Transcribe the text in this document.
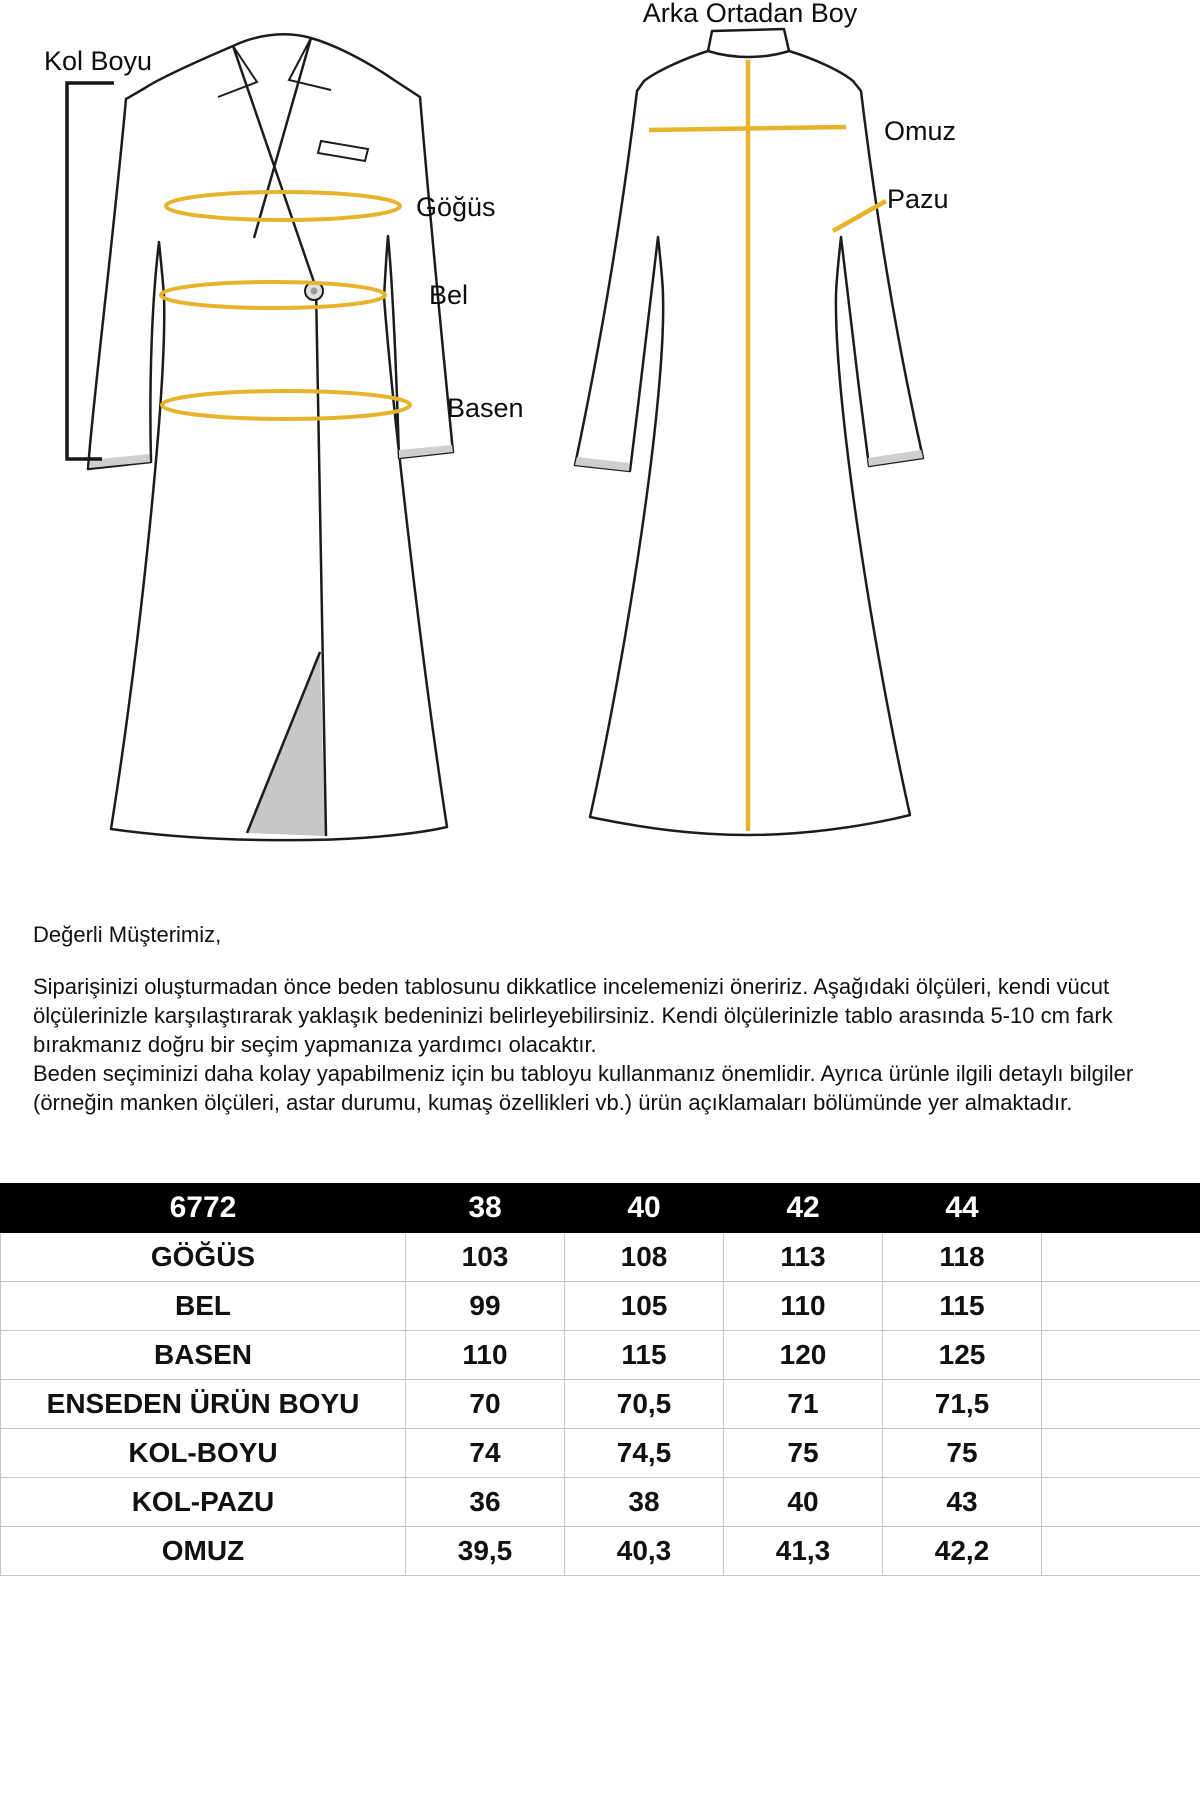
Kol Boyu
Arka Ortadan Boy
Omuz
Pazu
Göğüs
Bel
Basen

Değerli Müşterimiz,

Siparişinizi oluşturmadan önce beden tablosunu dikkatlice incelemenizi öneririz. Aşağıdaki ölçüleri, kendi vücut ölçülerinizle karşılaştırarak yaklaşık bedeninizi belirleyebilirsiniz. Kendi ölçülerinizle tablo arasında 5-10 cm fark bırakmanız doğru bir seçim yapmanıza yardımcı olacaktır.

Beden seçiminizi daha kolay yapabilmeniz için bu tabloyu kullanmanız önemlidir. Ayrıca ürünle ilgili detaylı bilgiler (örneğin manken ölçüleri, astar durumu, kumaş özellikleri vb.) ürün açıklamaları bölümünde yer almaktadır.

6772	38	40	42	44	
GÖĞÜS	103	108	113	118	
BEL	99	105	110	115	
BASEN	110	115	120	125	
ENSEDEN ÜRÜN BOYU	70	70,5	71	71,5	
KOL-BOYU	74	74,5	75	75	
KOL-PAZU	36	38	40	43	
OMUZ	39,5	40,3	41,3	42,2	
